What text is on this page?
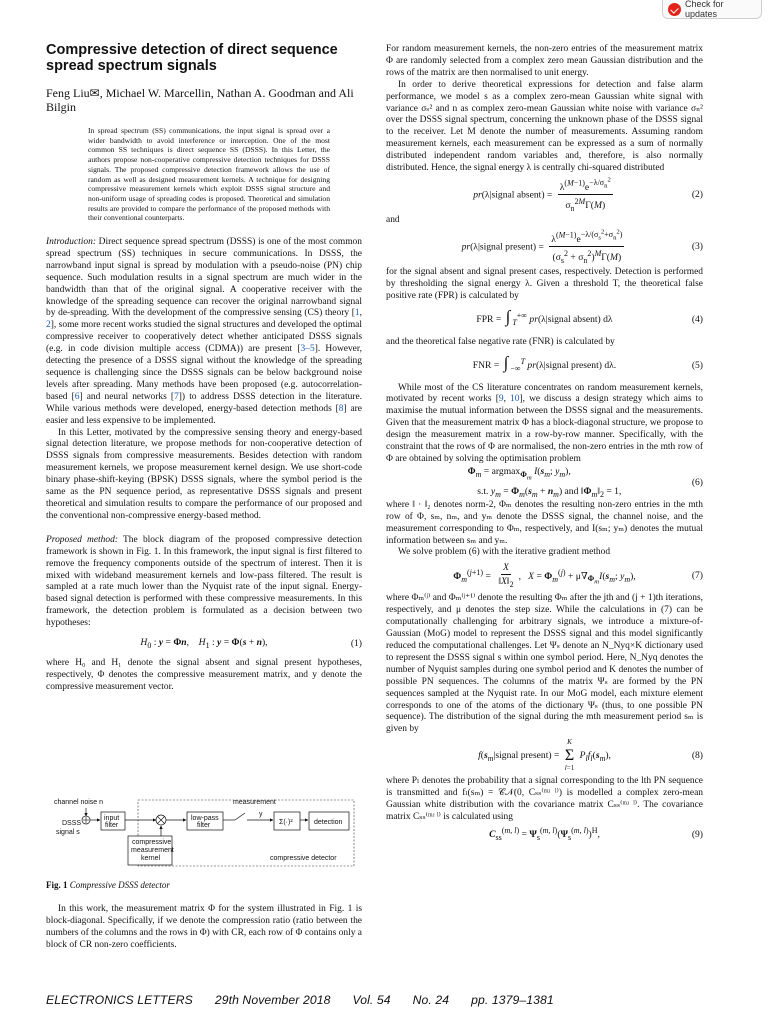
Check for updates
Compressive detection of direct sequence spread spectrum signals
Feng Liu✉, Michael W. Marcellin, Nathan A. Goodman and Ali Bilgin
In spread spectrum (SS) communications, the input signal is spread over a wider bandwidth to avoid interference or interception. One of the most common SS techniques is direct sequence SS (DSSS). In this Letter, the authors propose non-cooperative compressive detection techniques for DSSS signals. The proposed compressive detection framework allows the use of random as well as designed measurement kernels. A technique for designing compressive measurement kernels which exploit DSSS signal structure and non-uniform usage of spreading codes is proposed. Theoretical and simulation results are provided to compare the performance of the proposed methods with their conventional counterparts.

Introduction: Direct sequence spread spectrum (DSSS) is one of the most common spread spectrum (SS) techniques in secure communications. In DSSS, the narrowband input signal is spread by modulation with a pseudo-noise (PN) chip sequence. Such modulation results in a signal spectrum are much wider in the bandwidth than that of the original signal. A cooperative receiver with the knowledge of the spreading sequence can recover the original narrowband signal by de-spreading. With the development of the compressive sensing (CS) theory [1, 2], some more recent works studied the signal structures and developed the optimal compressive receiver to cooperatively detect whether anticipated DSSS signals (e.g. in code division multiple access (CDMA)) are present [3–5]. However, detecting the presence of a DSSS signal without the knowledge of the spreading sequence is challenging since the DSSS signals can be below background noise levels after spreading. Many methods have been proposed (e.g. autocorrelation-based [6] and neural networks [7]) to address DSSS detection in the literature. While various methods were developed, energy-based detection methods [8] are easier and less expensive to be implemented.

In this Letter, motivated by the compressive sensing theory and energy-based signal detection literature, we propose methods for non-cooperative detection of DSSS signals from compressive measurements. Besides detection with random measurement kernels, we propose measurement kernel design. We use short-code binary phase-shift-keying (BPSK) DSSS signals, where the symbol period is the same as the PN sequence period, as representative DSSS signals and present theoretical and simulation results to compare the performance of our proposed and the conventional non-compressive energy-based method.

Proposed method: The block diagram of the proposed compressive detection framework is shown in Fig. 1. In this framework, the input signal is first filtered to remove the frequency components outside of the spectrum of interest. Then it is mixed with wideband measurement kernels and low-pass filtered. The result is sampled at a rate much lower than the Nyquist rate of the input signal. Energy-based signal detection is performed with these compressive measurements. In this framework, the detection problem is formulated as a decision between two hypotheses:

$H_0$ : y = Φn,    $H_1$ : y = Φ(s + n),	(1)

where H₀ and H₁ denote the signal absent and signal present hypotheses, respectively, Φ denotes the compressive measurement matrix, and y denote the compressive measurement vector.

channel noise n
DSSS
signal s
input
filter
compressive
measurement
kernel
low-pass
filter
measurement
y
Σ(·)²	detection
compressive detector
Fig. 1 Compressive DSSS detector

In this work, the measurement matrix Φ for the system illustrated in Fig. 1 is block-diagonal. Specifically, if we denote the compression ratio (ratio between the numbers of the columns and the rows in Φ) with CR, each row of Φ contains only a block of CR non-zero coefficients.

For random measurement kernels, the non-zero entries of the measurement matrix Φ are randomly selected from a complex zero mean Gaussian distribution and the rows of the matrix are then normalised to unit energy.

In order to derive theoretical expressions for detection and false alarm performance, we model s as a complex zero-mean Gaussian white signal with variance σₛ² and n as complex zero-mean Gaussian white noise with variance σₙ² over the DSSS signal spectrum, concerning the unknown phase of the DSSS signal to the receiver. Let M denote the number of measurements. Assuming random measurement kernels, each measurement can be expressed as a sum of normally distributed independent random variables and, therefore, is also normally distributed. Hence, the signal energy λ is centrally chi-squared distributed

pr(λ|signal absent) = $\frac{\lambda^{(M-1)}e^{-\lambda/\sigma_n^2}}{\sigma_n^{2M}\Gamma(M)}$	(2)

and

pr(λ|signal present) = $\frac{\lambda^{(M-1)}e^{-\lambda/(\sigma_s^2+\sigma_n^2)}}{(\sigma_s^2 + \sigma_n^2)^M\Gamma(M)}$	(3)

for the signal absent and signal present cases, respectively. Detection is performed by thresholding the signal energy λ. Given a threshold T, the theoretical false positive rate (FPR) is calculated by

FPR = ∫ $_T$+∞ pr(λ|signal absent) dλ	(4)

and the theoretical false negative rate (FNR) is calculated by

FNR = ∫ $_{-\infty}^T$ pr(λ|signal present) dλ.	(5)

While most of the CS literature concentrates on random measurement kernels, motivated by recent works [9, 10], we discuss a design strategy which aims to maximise the mutual information between the DSSS signal and the measurements. Given that the measurement matrix Φ has a block-diagonal structure, we propose to design the measurement matrix in a row-by-row manner. Specifically, with the constraint that the rows of Φ are normalised, the non-zero entries in the mth row of Φ are obtained by solving the optimisation problem

$\Phi_m = argmax_{\Phi_m}$ $I(s_m$; $y_m$),
s.t. $y_m = \Phi_m(s_m + n_m)$ and $‖\Phi_m‖_2 = 1$,
(6)

where ‖ · ‖₂ denotes norm-2, Φₘ denotes the resulting non-zero entries in the mth row of Φ, sₘ, nₘ, and yₘ denote the DSSS signal, the channel noise, and the measurement corresponding to Φₘ, respectively, and I(sₘ; yₘ) denotes the mutual information between sₘ and yₘ.

We solve problem (6) with the iterative gradient method

$\Phi_m^{(j+1)} = \frac{X}{‖X‖_2}$ ,   $X = \Phi_m^{(j)} + \mu\nabla_{\Phi_m}I(s_m$; $y_m$),	(7)

where Φₘ⁽ʲ⁾ and Φₘ⁽ʲ⁺¹⁾ denote the resulting Φₘ after the jth and (j + 1)th iterations, respectively, and μ denotes the step size. While the calculations in (7) can be computationally challenging for arbitrary signals, we introduce a mixture-of-Gaussian (MoG) model to represent the DSSS signal and this model significantly reduced the computational challenges. Let Ψₛ denote an N_Nyq×K dictionary used to represent the DSSS signal s within one symbol period. Here, N_Nyq denotes the number of Nyquist samples during one symbol period and K denotes the number of possible PN sequences. The columns of the matrix Ψₛ are formed by the PN sequences sampled at the Nyquist rate. In our MoG model, each mixture element corresponds to one of the atoms of the dictionary Ψₛ (thus, to one possible PN sequence). The distribution of the signal during the mth measurement period sₘ is given by

$f(s_m|signal$ present) =
K
Σ
l=1
$P_lf_l(s_m)$,	(8)

where Pₗ denotes the probability that a signal corresponding to the lth PN sequence is transmitted and fₗ(sₘ) = 𝒞𝒩(0, Cₛₛ⁽ᵐʴ ˡ⁾) is modelled a complex zero-mean Gaussian white distribution with the covariance matrix Cₛₛ⁽ᵐʴ ˡ⁾. The covariance matrix Cₛₛ⁽ᵐʴ ˡ⁾ is calculated using

$C_{ss}^{(m, l)} = \Psi_s^{(m, l)}(\Psi_s^{(m, l)})^H$,	(9)
ELECTRONICS LETTERS 29th November 2018 Vol. 54 No. 24 pp. 1379–1381
